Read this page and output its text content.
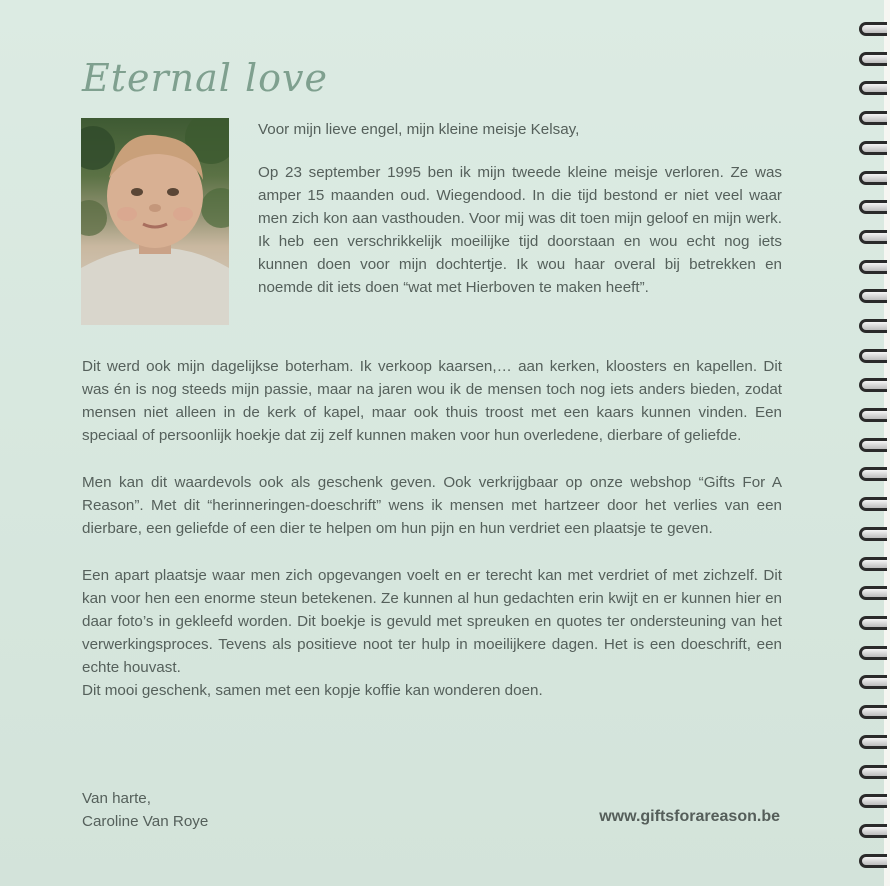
Eternal love

Voor mijn lieve engel, mijn kleine meisje Kelsay,

Op 23 september 1995 ben ik mijn tweede kleine meisje verloren. Ze was amper 15 maanden oud. Wiegendood. In die tijd bestond er niet veel waar men zich kon aan vasthouden. Voor mij was dit toen mijn geloof en mijn werk. Ik heb een verschrikkelijk moeilijke tijd doorstaan en wou echt nog iets kunnen doen voor mijn dochtertje. Ik wou haar overal bij betrekken en noemde dit iets doen “wat met Hierboven te maken heeft”.

Dit werd ook mijn dagelijkse boterham. Ik verkoop kaarsen,… aan kerken, kloosters en kapellen. Dit was én is nog steeds mijn passie, maar na jaren wou ik de mensen toch nog iets anders bieden, zodat mensen niet alleen in de kerk of kapel, maar ook thuis troost met een kaars kunnen vinden. Een speciaal of persoonlijk hoekje dat zij zelf kunnen maken voor hun overledene, dierbare of geliefde.

Men kan dit waardevols ook als geschenk geven. Ook verkrijgbaar op onze webshop “Gifts For A Reason”. Met dit “herinneringen-doeschrift” wens ik mensen met hartzeer door het verlies van een dierbare, een geliefde of een dier te helpen om hun pijn en hun verdriet een plaatsje te geven.

Een apart plaatsje waar men zich opgevangen voelt en er terecht kan met verdriet of met zichzelf. Dit kan voor hen een enorme steun betekenen. Ze kunnen al hun gedachten erin kwijt en er kunnen hier en daar foto’s in gekleefd worden. Dit boekje is gevuld met spreuken en quotes ter ondersteuning van het verwerkingsproces. Tevens als positieve noot ter hulp in moeilijkere dagen. Het is een doeschrift, een echte houvast.

Dit mooi geschenk, samen met een kopje koffie kan wonderen doen.

Van harte,

Caroline Van Roye	www.giftsforareason.be
